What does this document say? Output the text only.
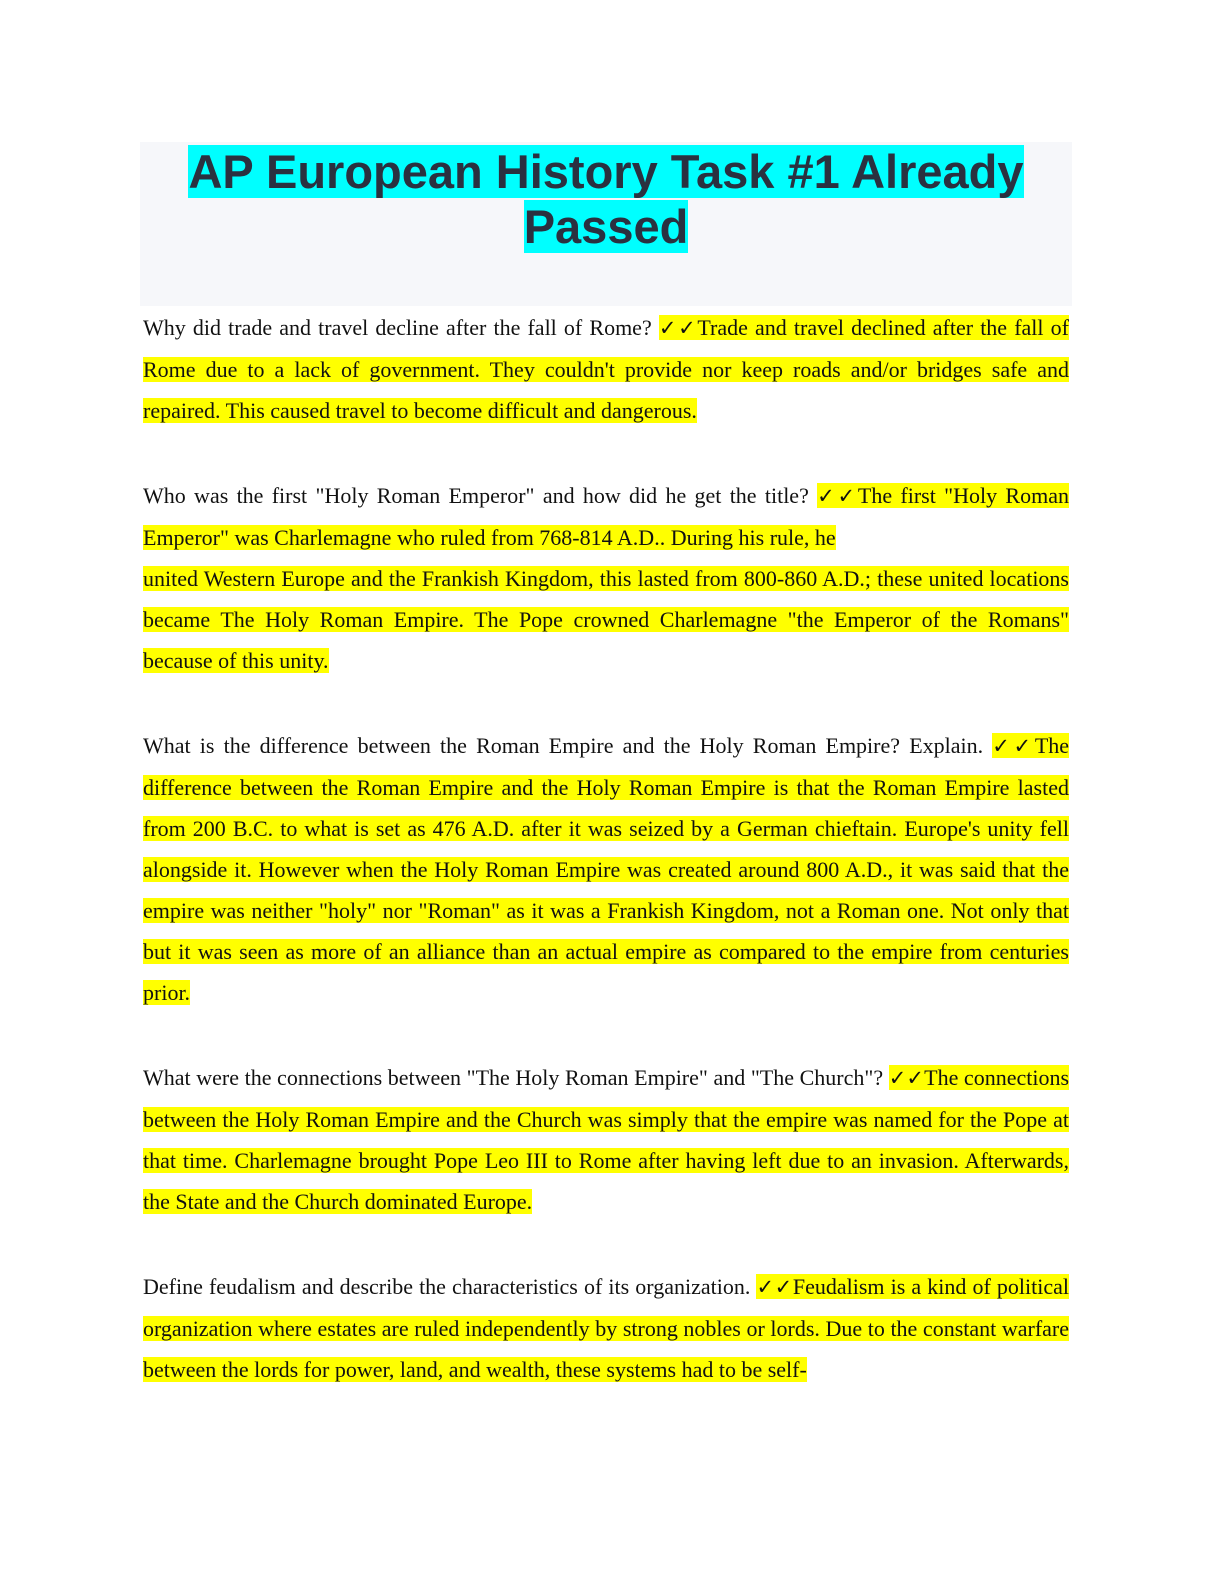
AP European History Task #1 Already Passed

Why did trade and travel decline after the fall of Rome? ✓✓Trade and travel declined after the fall of Rome due to a lack of government. They couldn't provide nor keep roads and/or bridges safe and repaired. This caused travel to become difficult and dangerous.

Who was the first "Holy Roman Emperor" and how did he get the title? ✓✓The first "Holy Roman Emperor" was Charlemagne who ruled from 768-814 A.D.. During his rule, he
united Western Europe and the Frankish Kingdom, this lasted from 800-860 A.D.; these united locations became The Holy Roman Empire. The Pope crowned Charlemagne "the Emperor of the Romans" because of this unity.

What is the difference between the Roman Empire and the Holy Roman Empire? Explain. ✓✓The difference between the Roman Empire and the Holy Roman Empire is that the Roman Empire lasted from 200 B.C. to what is set as 476 A.D. after it was seized by a German chieftain. Europe's unity fell alongside it. However when the Holy Roman Empire was created around 800 A.D., it was said that the empire was neither "holy" nor "Roman" as it was a Frankish Kingdom, not a Roman one. Not only that but it was seen as more of an alliance than an actual empire as compared to the empire from centuries prior.

What were the connections between "The Holy Roman Empire" and "The Church"? ✓✓The connections between the Holy Roman Empire and the Church was simply that the empire was named for the Pope at that time. Charlemagne brought Pope Leo III to Rome after having left due to an invasion. Afterwards, the State and the Church dominated Europe.

Define feudalism and describe the characteristics of its organization. ✓✓Feudalism is a kind of political organization where estates are ruled independently by strong nobles or lords. Due to the constant warfare between the lords for power, land, and wealth, these systems had to be self-
